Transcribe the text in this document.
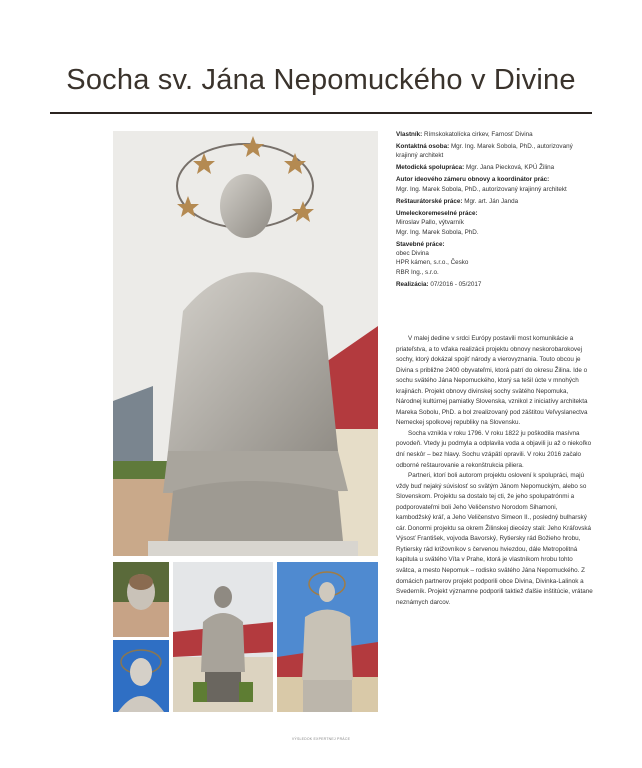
Socha sv. Jána Nepomuckého v Divine
Vlastník: Rímskokatolícka cirkev, Farnosť Divina
Kontaktná osoba: Mgr. Ing. Marek Sobola, PhD., autorizovaný krajinný architekt
Metodická spolupráca: Mgr. Jana Piecková, KPÚ Žilina
Autor ideového zámeru obnovy a koordinátor prác:
Mgr. Ing. Marek Sobola, PhD., autorizovaný krajinný architekt
Reštaurátorské práce: Mgr. art. Ján Janda
Umeleckoremeselné práce:
Miroslav Pallo, výtvarník
Mgr. Ing. Marek Sobola, PhD.
Stavebné práce:
obec Divina
HPR kámen, s.r.o., Česko
RBR Ing., s.r.o.
Realizácia: 07/2016 - 05/2017

V malej dedine v srdci Európy postavili most komunikácie a priateľstva, a to vďaka realizácii projektu obnovy neskorobarokovej sochy, ktorý dokázal spojiť národy a vierovyznania. Touto obcou je Divina s približne 2400 obyvateľmi, ktorá patrí do okresu Žilina. Ide o sochu svätého Jána Nepomuckého, ktorý sa tešil úcte v mnohých krajinách. Projekt obnovy divinskej sochy svätého Nepomuka, Národnej kultúrnej pamiatky Slovenska, vznikol z iniciatívy architekta Mareka Sobolu, PhD. a bol zrealizovaný pod záštitou Veľvyslanectva Nemeckej spolkovej republiky na Slovensku.

Socha vznikla v roku 1796. V roku 1822 ju poškodila masívna povodeň. Vtedy ju podmyla a odplavila voda a objavili ju až o niekoľko dní neskôr – bez hlavy. Sochu vzápätí opravili. V roku 2016 začalo odborné reštaurovanie a rekonštrukcia piliera.

Partneri, ktorí boli autorom projektu oslovení k spolupráci, majú vždy buď nejaký súvislosť so svätým Jánom Nepomuckým, alebo so Slovenskom. Projektu sa dostalo tej cti, že jeho spolupatrónmi a podporovateľmi boli Jeho Veličenstvo Norodom Sihamoni, kambodžský kráľ, a Jeho Veličenstvo Simeon II., posledný bulharský cár. Donormi projektu sa okrem Žilinskej diecézy stali: Jeho Kráľovská Výsosť František, vojvoda Bavorský, Rytiersky rád Božieho hrobu, Rytiersky rád križovníkov s červenou hviezdou, dále Metropolitná kapitula u svätého Víta v Prahe, ktorá je vlastníkom hrobu tohto svätca, a mesto Nepomuk – rodisko svätého Jána Nepomuckého. Z domácich partnerov projekt podporili obce Divina, Divinka-Lalinok a Svederník. Projekt významne podporili taktiež ďalšie inštitúcie, vrátane neznámych darcov.

VÝSLEDOK EXPERTNEJ PRÁCE
